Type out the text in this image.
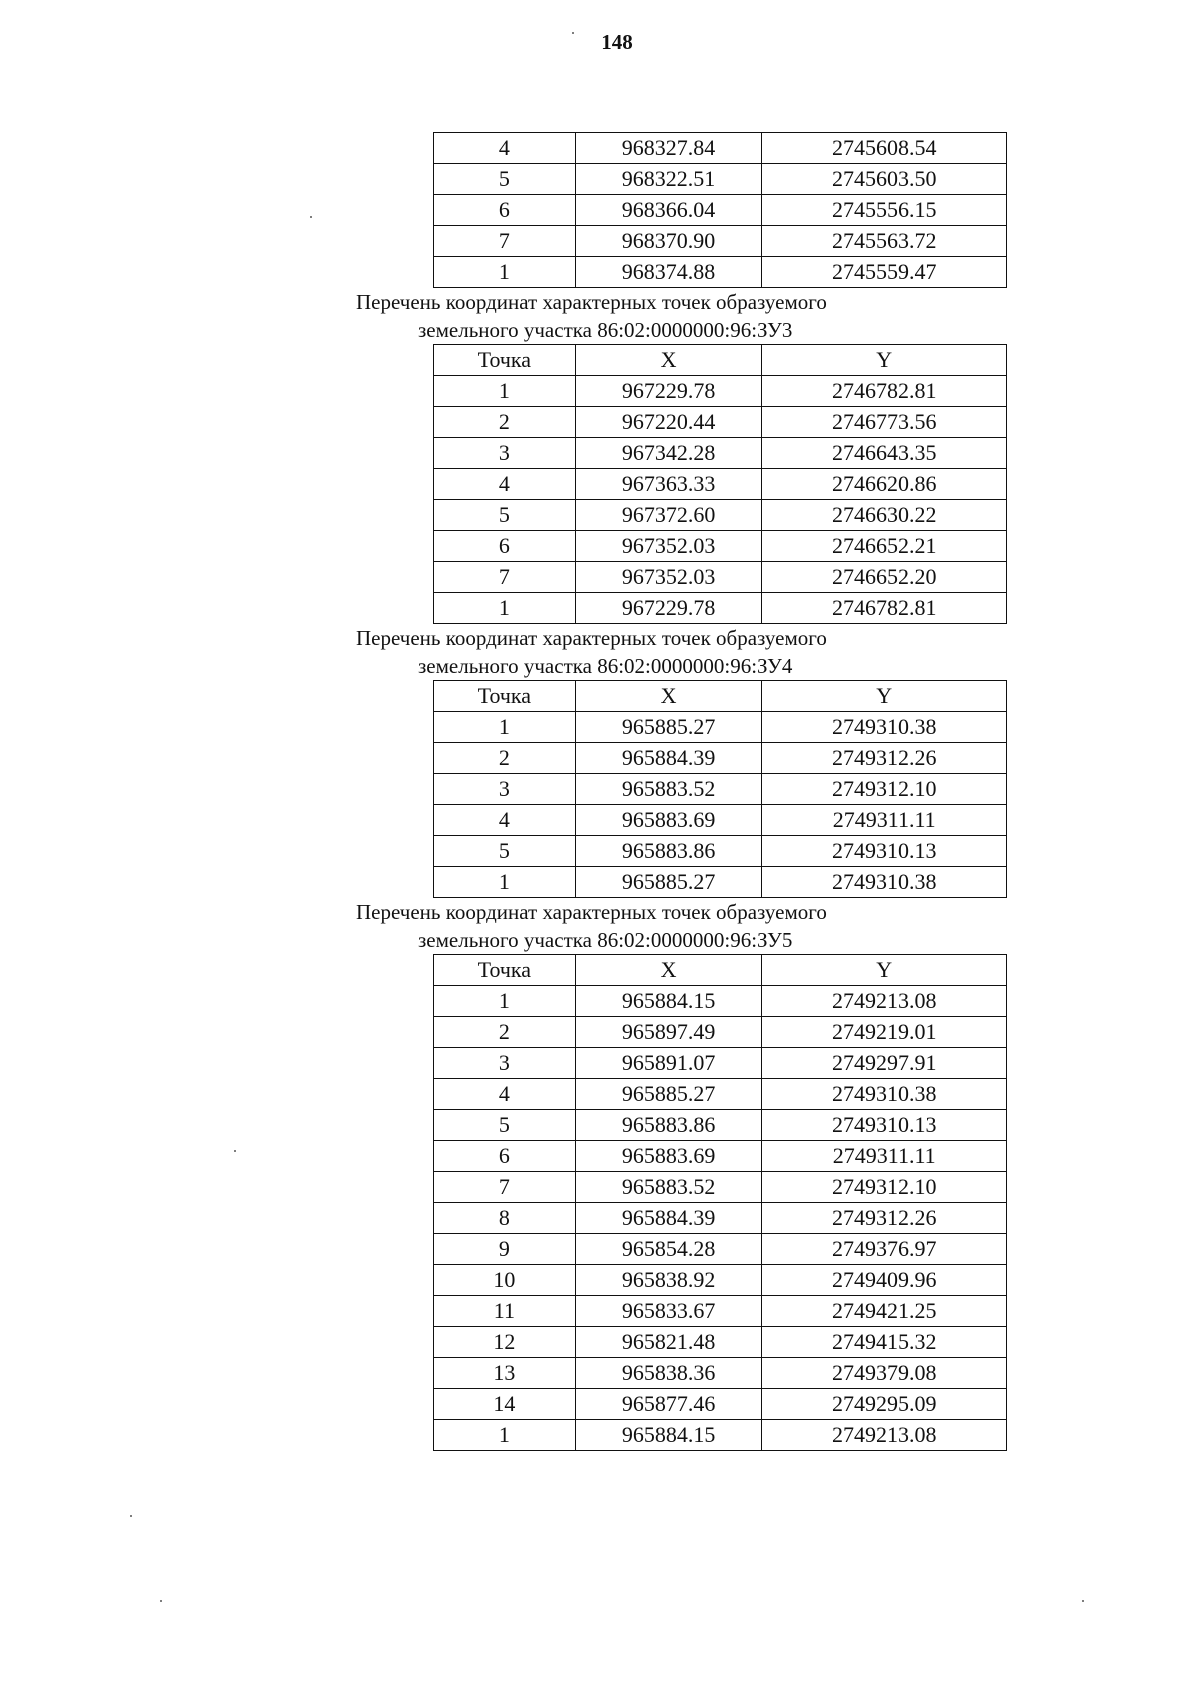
148
4	968327.84	2745608.54
5	968322.51	2745603.50
6	968366.04	2745556.15
7	968370.90	2745563.72
1	968374.88	2745559.47
Перечень координат характерных точек образуемого
земельного участка 86:02:0000000:96:ЗУ3
Точка	X	Y
1	967229.78	2746782.81
2	967220.44	2746773.56
3	967342.28	2746643.35
4	967363.33	2746620.86
5	967372.60	2746630.22
6	967352.03	2746652.21
7	967352.03	2746652.20
1	967229.78	2746782.81
Перечень координат характерных точек образуемого
земельного участка 86:02:0000000:96:ЗУ4
Точка	X	Y
1	965885.27	2749310.38
2	965884.39	2749312.26
3	965883.52	2749312.10
4	965883.69	2749311.11
5	965883.86	2749310.13
1	965885.27	2749310.38
Перечень координат характерных точек образуемого
земельного участка 86:02:0000000:96:ЗУ5
Точка	X	Y
1	965884.15	2749213.08
2	965897.49	2749219.01
3	965891.07	2749297.91
4	965885.27	2749310.38
5	965883.86	2749310.13
6	965883.69	2749311.11
7	965883.52	2749312.10
8	965884.39	2749312.26
9	965854.28	2749376.97
10	965838.92	2749409.96
11	965833.67	2749421.25
12	965821.48	2749415.32
13	965838.36	2749379.08
14	965877.46	2749295.09
1	965884.15	2749213.08
